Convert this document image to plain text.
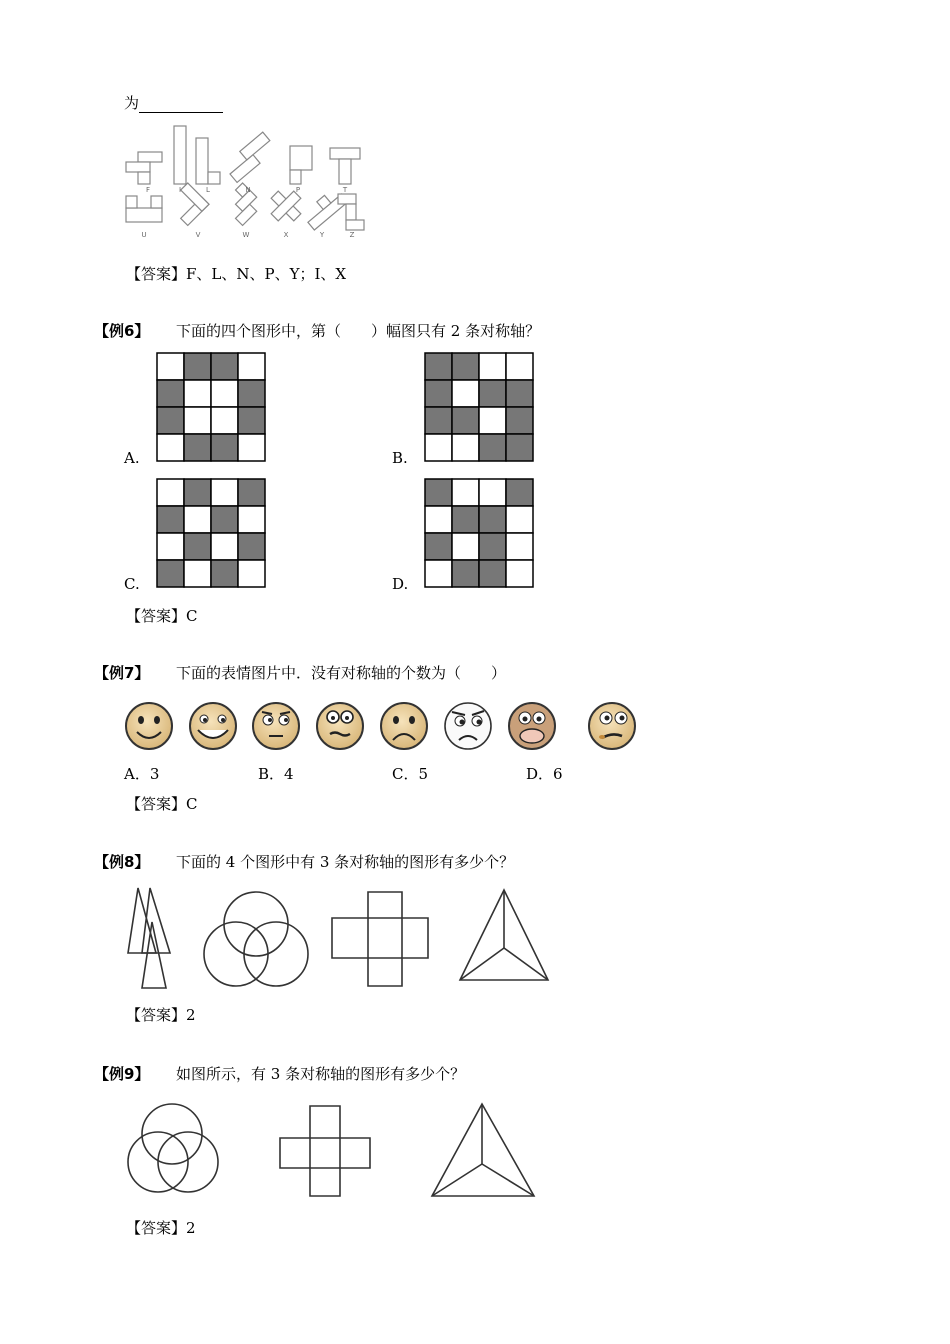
为
F	I	L	N	P	T
U	V	W	X	Y	Z
【答案】F、L、N、P、Y；I、X
【例6】 下面的四个图形中，第（　　）幅图只有 2 条对称轴？
A.	B.
C.	D.
【答案】C
【例7】 下面的表情图片中．没有对称轴的个数为（　　）
A．3	B．4	C．5	D．6
【答案】C
【例8】 下面的 4 个图形中有 3 条对称轴的图形有多少个？
【答案】2
【例9】 如图所示，有 3 条对称轴的图形有多少个？
【答案】2
